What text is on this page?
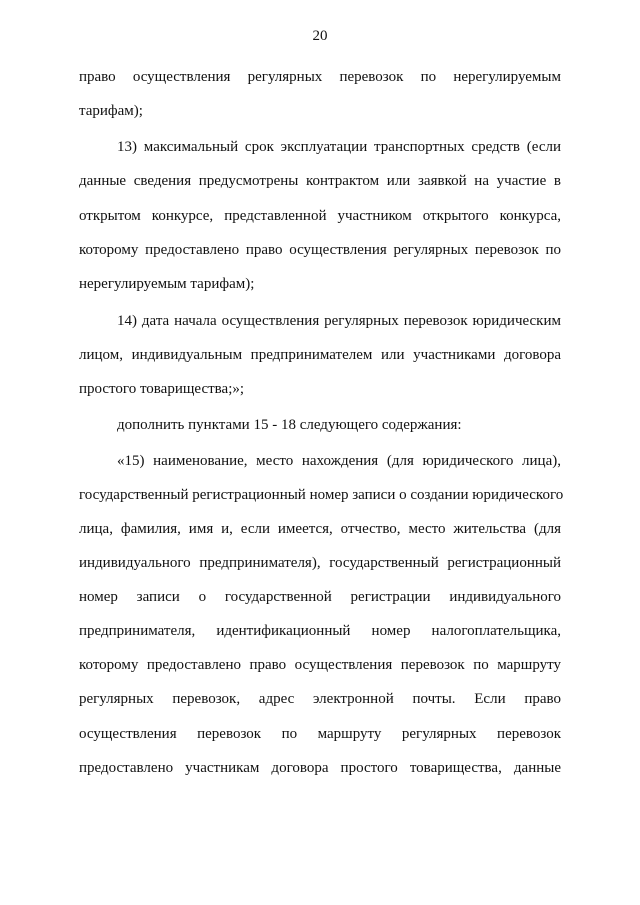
20
право осуществления регулярных перевозок по нерегулируемым
тарифам);
13) максимальный срок эксплуатации транспортных средств (если
данные сведения предусмотрены контрактом или заявкой на участие в
открытом конкурсе, представленной участником открытого конкурса,
которому предоставлено право осуществления регулярных перевозок по
нерегулируемым тарифам);
14) дата начала осуществления регулярных перевозок юридическим
лицом, индивидуальным предпринимателем или участниками договора
простого товарищества;»;
дополнить пунктами 15 - 18 следующего содержания:
«15) наименование, место нахождения (для юридического лица),
государственный регистрационный номер записи о создании юридического
лица, фамилия, имя и, если имеется, отчество, место жительства (для
индивидуального предпринимателя), государственный регистрационный
номер записи о государственной регистрации индивидуального
предпринимателя, идентификационный номер налогоплательщика,
которому предоставлено право осуществления перевозок по маршруту
регулярных перевозок, адрес электронной почты. Если право
осуществления перевозок по маршруту регулярных перевозок
предоставлено участникам договора простого товарищества, данные
